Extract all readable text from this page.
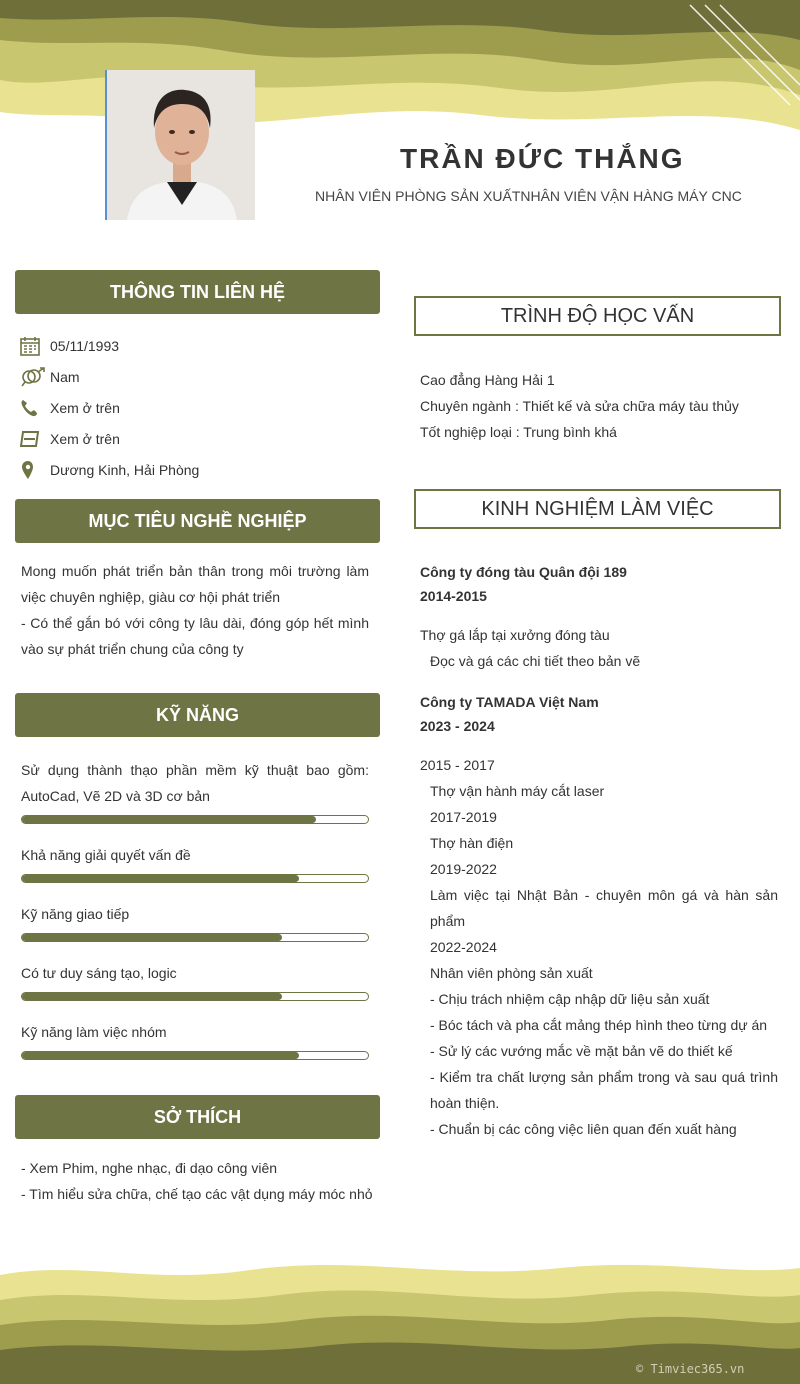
TRẦN ĐỨC THẮNG
NHÂN VIÊN PHÒNG SẢN XUẤTNHÂN VIÊN VẬN HÀNG MÁY CNC
THÔNG TIN LIÊN HỆ
05/11/1993
Nam
Xem ở trên
Xem ở trên
Dương Kinh, Hải Phòng
MỤC TIÊU NGHỀ NGHIỆP
Mong muốn phát triển bản thân trong môi trường làm việc chuyên nghiệp, giàu cơ hội phát triển
- Có thể gắn bó với công ty lâu dài, đóng góp hết mình vào sự phát triển chung của công ty
KỸ NĂNG
Sử dụng thành thạo phần mềm kỹ thuật bao gồm: AutoCad, Vẽ 2D và 3D cơ bản
Khả năng giải quyết vấn đề
Kỹ năng giao tiếp
Có tư duy sáng tạo, logic
Kỹ năng làm việc nhóm
SỞ THÍCH
- Xem Phim, nghe nhạc, đi dạo công viên
- Tìm hiểu sửa chữa, chế tạo các vật dụng máy móc nhỏ
TRÌNH ĐỘ HỌC VẤN
Cao đẳng Hàng Hải 1
Chuyên ngành : Thiết kế và sửa chữa máy tàu thủy
Tốt nghiệp loại : Trung bình khá
KINH NGHIỆM LÀM VIỆC
Công ty đóng tàu Quân đội 189
2014-2015
Thợ gá lắp tại xưởng đóng tàu
Đọc và gá các chi tiết theo bản vẽ
Công ty TAMADA Việt Nam
2023 - 2024
2015 - 2017
Thợ vận hành máy cắt laser
2017-2019
Thợ hàn điện
2019-2022
Làm việc tại Nhật Bản - chuyên môn gá và hàn sản phẩm
2022-2024
Nhân viên phòng sản xuất
- Chịu trách nhiệm cập nhập dữ liệu sản xuất
- Bóc tách và pha cắt mảng thép hình theo từng dự án
- Sử lý các vướng mắc về mặt bản vẽ do thiết kế
- Kiểm tra chất lượng sản phẩm trong và sau quá trình hoàn thiện.
- Chuẩn bị các công việc liên quan đến xuất hàng
© Timviec365.vn
